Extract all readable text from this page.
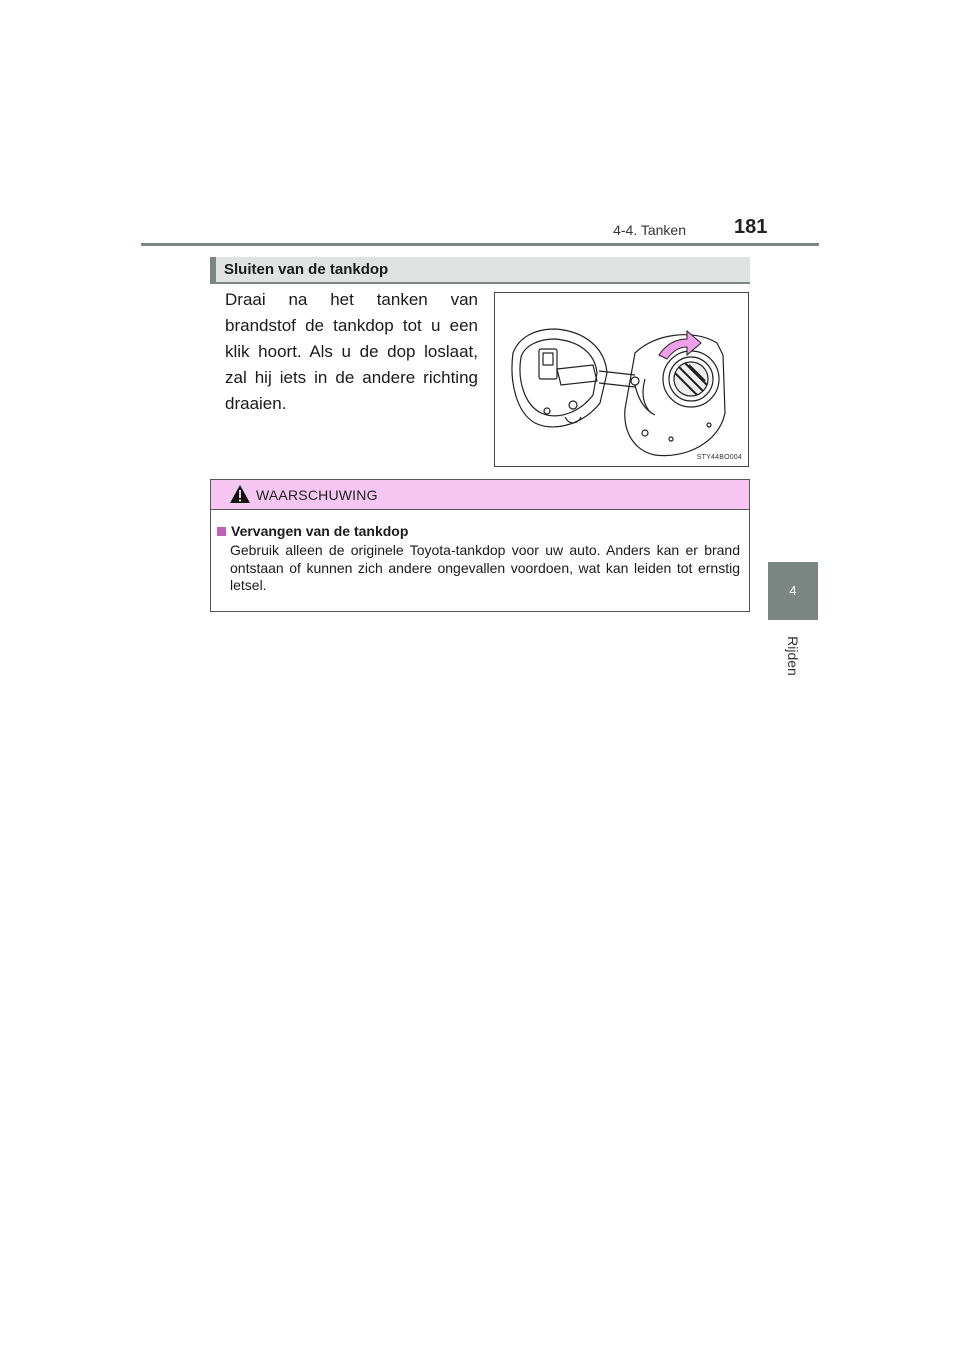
4-4. Tanken 181
4
Rijden
Sluiten van de tankdop
Draai na het tanken van brandstof de tankdop tot u een klik hoort. Als u de dop loslaat, zal hij iets in de andere richting draaien.
STY44BO004
WAARSCHUWING
Vervangen van de tankdop
Gebruik alleen de originele Toyota-tankdop voor uw auto. Anders kan er brand ontstaan of kunnen zich andere ongevallen voordoen, wat kan leiden tot ernstig letsel.
